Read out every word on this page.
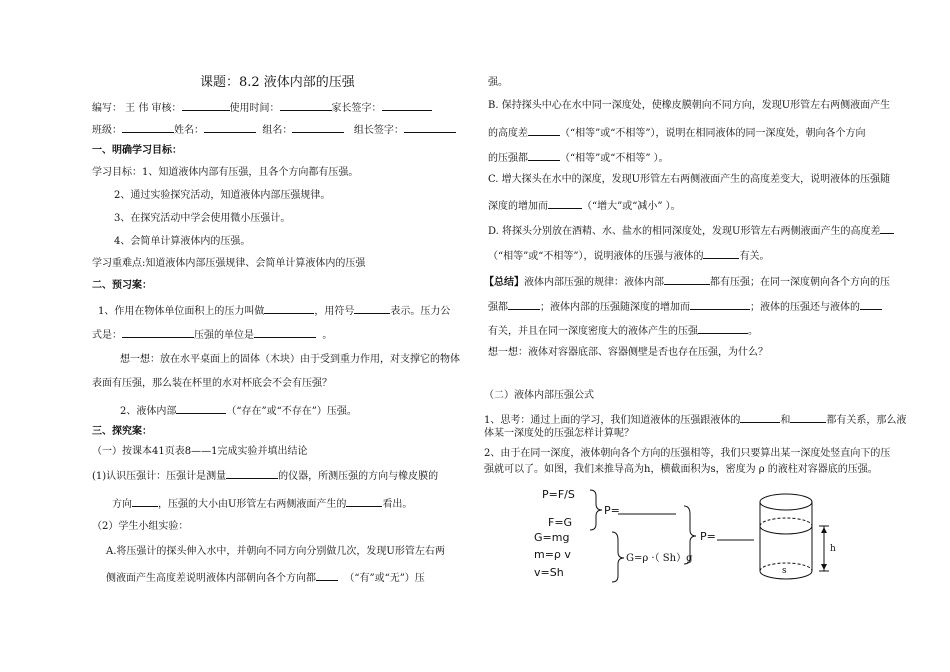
课题：8.2 液体内部的压强
编写： 王 伟 审核：	使用时间：	家长签字：
班级：	姓名：	组名：	组长签字：
一、明确学习目标：
学习目标：1、知道液体内部有压强，且各个方向都有压强。
2、通过实验探究活动，知道液体内部压强规律。
3、在探究活动中学会使用微小压强计。
4、会简单计算液体内的压强。
学习重难点:知道液体内部压强规律、会简单计算液体内的压强
二、预习案：
1、作用在物体单位面积上的压力叫做	，用符号	表示。压力公
式是：	压强的单位是	。
想一想：放在水平桌面上的固体（木块）由于受到重力作用，对支撑它的物体
表面有压强，那么装在杯里的水对杯底会不会有压强？
2、液体内部	（“存在”或“不存在”）压强。
三、探究案：
（一）按课本41页表8——1完成实验并填出结论
(1)认识压强计：压强计是测量	的仪器，所测压强的方向与橡皮膜的
方向	，压强的大小由U形管左右两侧液面产生的	看出。
（2）学生小组实验：
A.将压强计的探头伸入水中，并朝向不同方向分别做几次，发现U形管左右两
侧液面产生高度差说明液体内部朝向各个方向都	（“有”或“无”）压
强。
B. 保持探头中心在水中同一深度处，使橡皮膜朝向不同方向，发现U形管左右两侧液面产生
的高度差	（“相等”或“不相等”），说明在相同液体的同一深度处，朝向各个方向
的压强都	（“相等”或“不相等” ）。
C. 增大探头在水中的深度，发现U形管左右两侧液面产生的高度差变大，说明液体的压强随
深度的增加而	（“增大”或“减小” ）。
D. 将探头分别放在酒精、水、盐水的相同深度处，发现U形管左右两侧液面产生的高度差
（“相等”或“不相等”），说明液体的压强与液体的	有关。
【总结】液体内部压强的规律：液体内部	都有压强；在同一深度朝向各个方向的压
强都	；液体内部的压强随深度的增加而	；液体的压强还与液体的
有关，并且在同一深度密度大的液体产生的压强	。
想一想：液体对容器底部、容器侧壁是否也存在压强，为什么？
（二）液体内部压强公式
1、思考：通过上面的学习，我们知道液体的压强跟液体的	和	都有关系，那么液
体某一深度处的压强怎样计算呢？
2、由于在同一深度，液体朝向各个方向的压强相等，我们只要算出某一深度处竖直向下的压
强就可以了。如图，我们来推导高为h，横截面积为s，密度为 ρ 的液柱对容器底的压强。
P=F/S
F=G
G=mg
m=ρ v
v=Sh
P=
G=ρ ·（ Sh）g
P=
h
s
